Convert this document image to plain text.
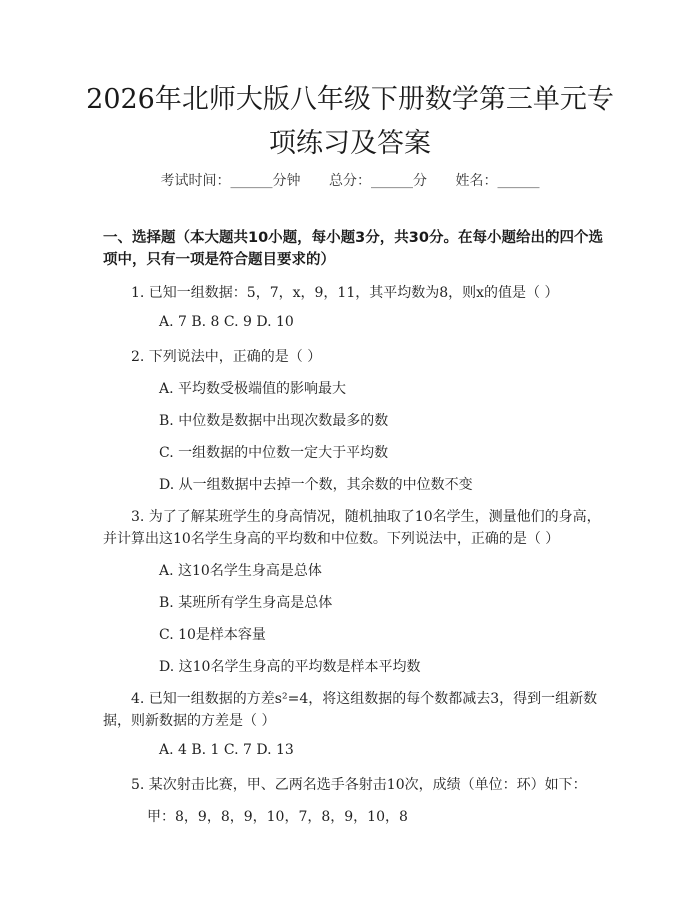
2026年北师大版八年级下册数学第三单元专项练习及答案
考试时间：______分钟 总分：______分 姓名：______
一、选择题（本大题共10小题，每小题3分，共30分。在每小题给出的四个选项中，只有一项是符合题目要求的）
1. 已知一组数据：5，7，x，9，11，其平均数为8，则x的值是（ ）
A. 7 B. 8 C. 9 D. 10
2. 下列说法中，正确的是（ ）
A. 平均数受极端值的影响最大
B. 中位数是数据中出现次数最多的数
C. 一组数据的中位数一定大于平均数
D. 从一组数据中去掉一个数，其余数的中位数不变
3. 为了了解某班学生的身高情况，随机抽取了10名学生，测量他们的身高，
并计算出这10名学生身高的平均数和中位数。下列说法中，正确的是（ ）
A. 这10名学生身高是总体
B. 某班所有学生身高是总体
C. 10是样本容量
D. 这10名学生身高的平均数是样本平均数
4. 已知一组数据的方差s²=4，将这组数据的每个数都减去3，得到一组新数
据，则新数据的方差是（ ）
A. 4 B. 1 C. 7 D. 13
5. 某次射击比赛，甲、乙两名选手各射击10次，成绩（单位：环）如下：
甲：8，9，8，9，10，7，8，9，10，8
